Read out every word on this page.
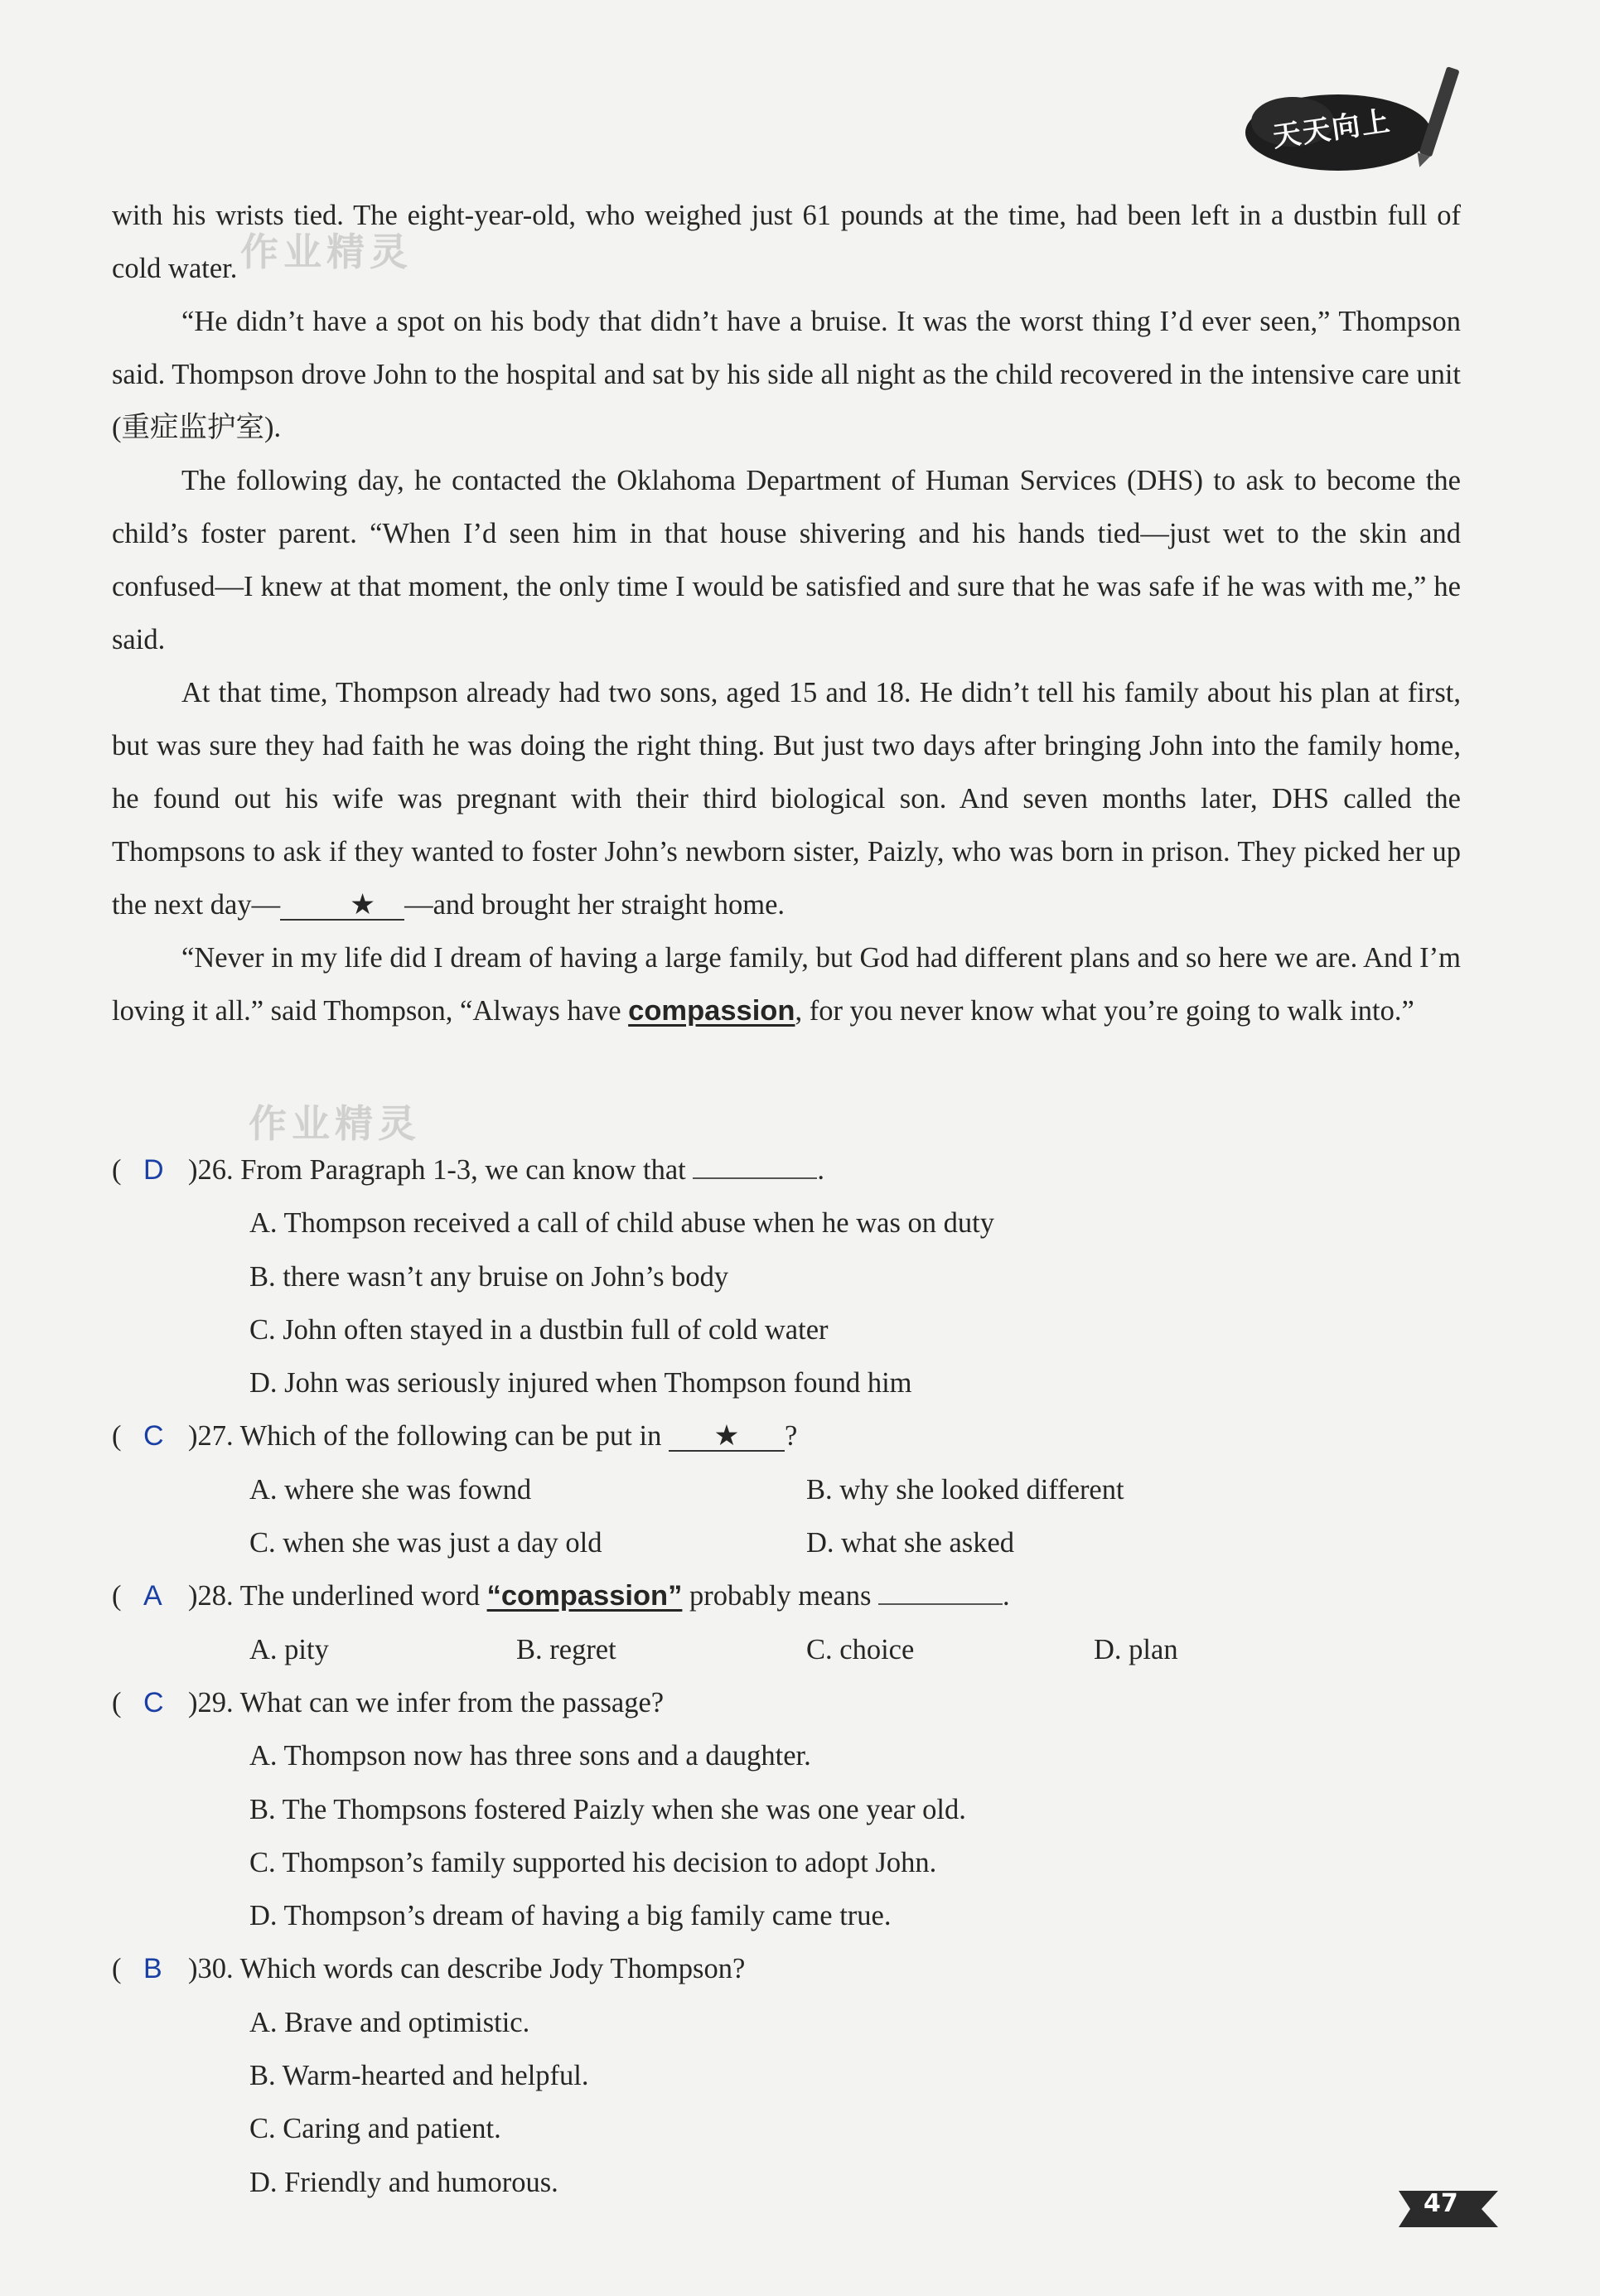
天天向上
作业精灵
作业精灵

with his wrists tied. The eight-year-old, who weighed just 61 pounds at the time, had been left in a dustbin full of cold water.

“He didn’t have a spot on his body that didn’t have a bruise. It was the worst thing I’d ever seen,” Thompson said. Thompson drove John to the hospital and sat by his side all night as the child recovered in the intensive care unit (重症监护室).

The following day, he contacted the Oklahoma Department of Human Services (DHS) to ask to become the child’s foster parent. “When I’d seen him in that house shivering and his hands tied—just wet to the skin and confused—I knew at that moment, the only time I would be satisfied and sure that he was safe if he was with me,” he said.

At that time, Thompson already had two sons, aged 15 and 18. He didn’t tell his family about his plan at first, but was sure they had faith he was doing the right thing. But just two days after bringing John into the family home, he found out his wife was pregnant with their third biological son. And seven months later, DHS called the Thompsons to ask if they wanted to foster John’s newborn sister, Paizly, who was born in prison. They picked her up the next day— ★ —and brought her straight home.

“Never in my life did I dream of having a large family, but God had different plans and so here we are. And I’m loving it all.” said Thompson, “Always have compassion, for you never know what you’re going to walk into.”

( D )26. From Paragraph 1-3, we can know that	.
A. Thompson received a call of child abuse when he was on duty
B. there wasn’t any bruise on John’s body
C. John often stayed in a dustbin full of cold water
D. John was seriously injured when Thompson found him
( C )27. Which of the following can be put in ★ ?
A. where she was fownd	B. why she looked different
C. when she was just a day old	D. what she asked
( A )28. The underlined word “compassion” probably means	.
A. pity	B. regret	C. choice	D. plan
( C )29. What can we infer from the passage?
A. Thompson now has three sons and a daughter.
B. The Thompsons fostered Paizly when she was one year old.
C. Thompson’s family supported his decision to adopt John.
D. Thompson’s dream of having a big family came true.
( B )30. Which words can describe Jody Thompson?
A. Brave and optimistic.
B. Warm-hearted and helpful.
C. Caring and patient.
D. Friendly and humorous.
47
